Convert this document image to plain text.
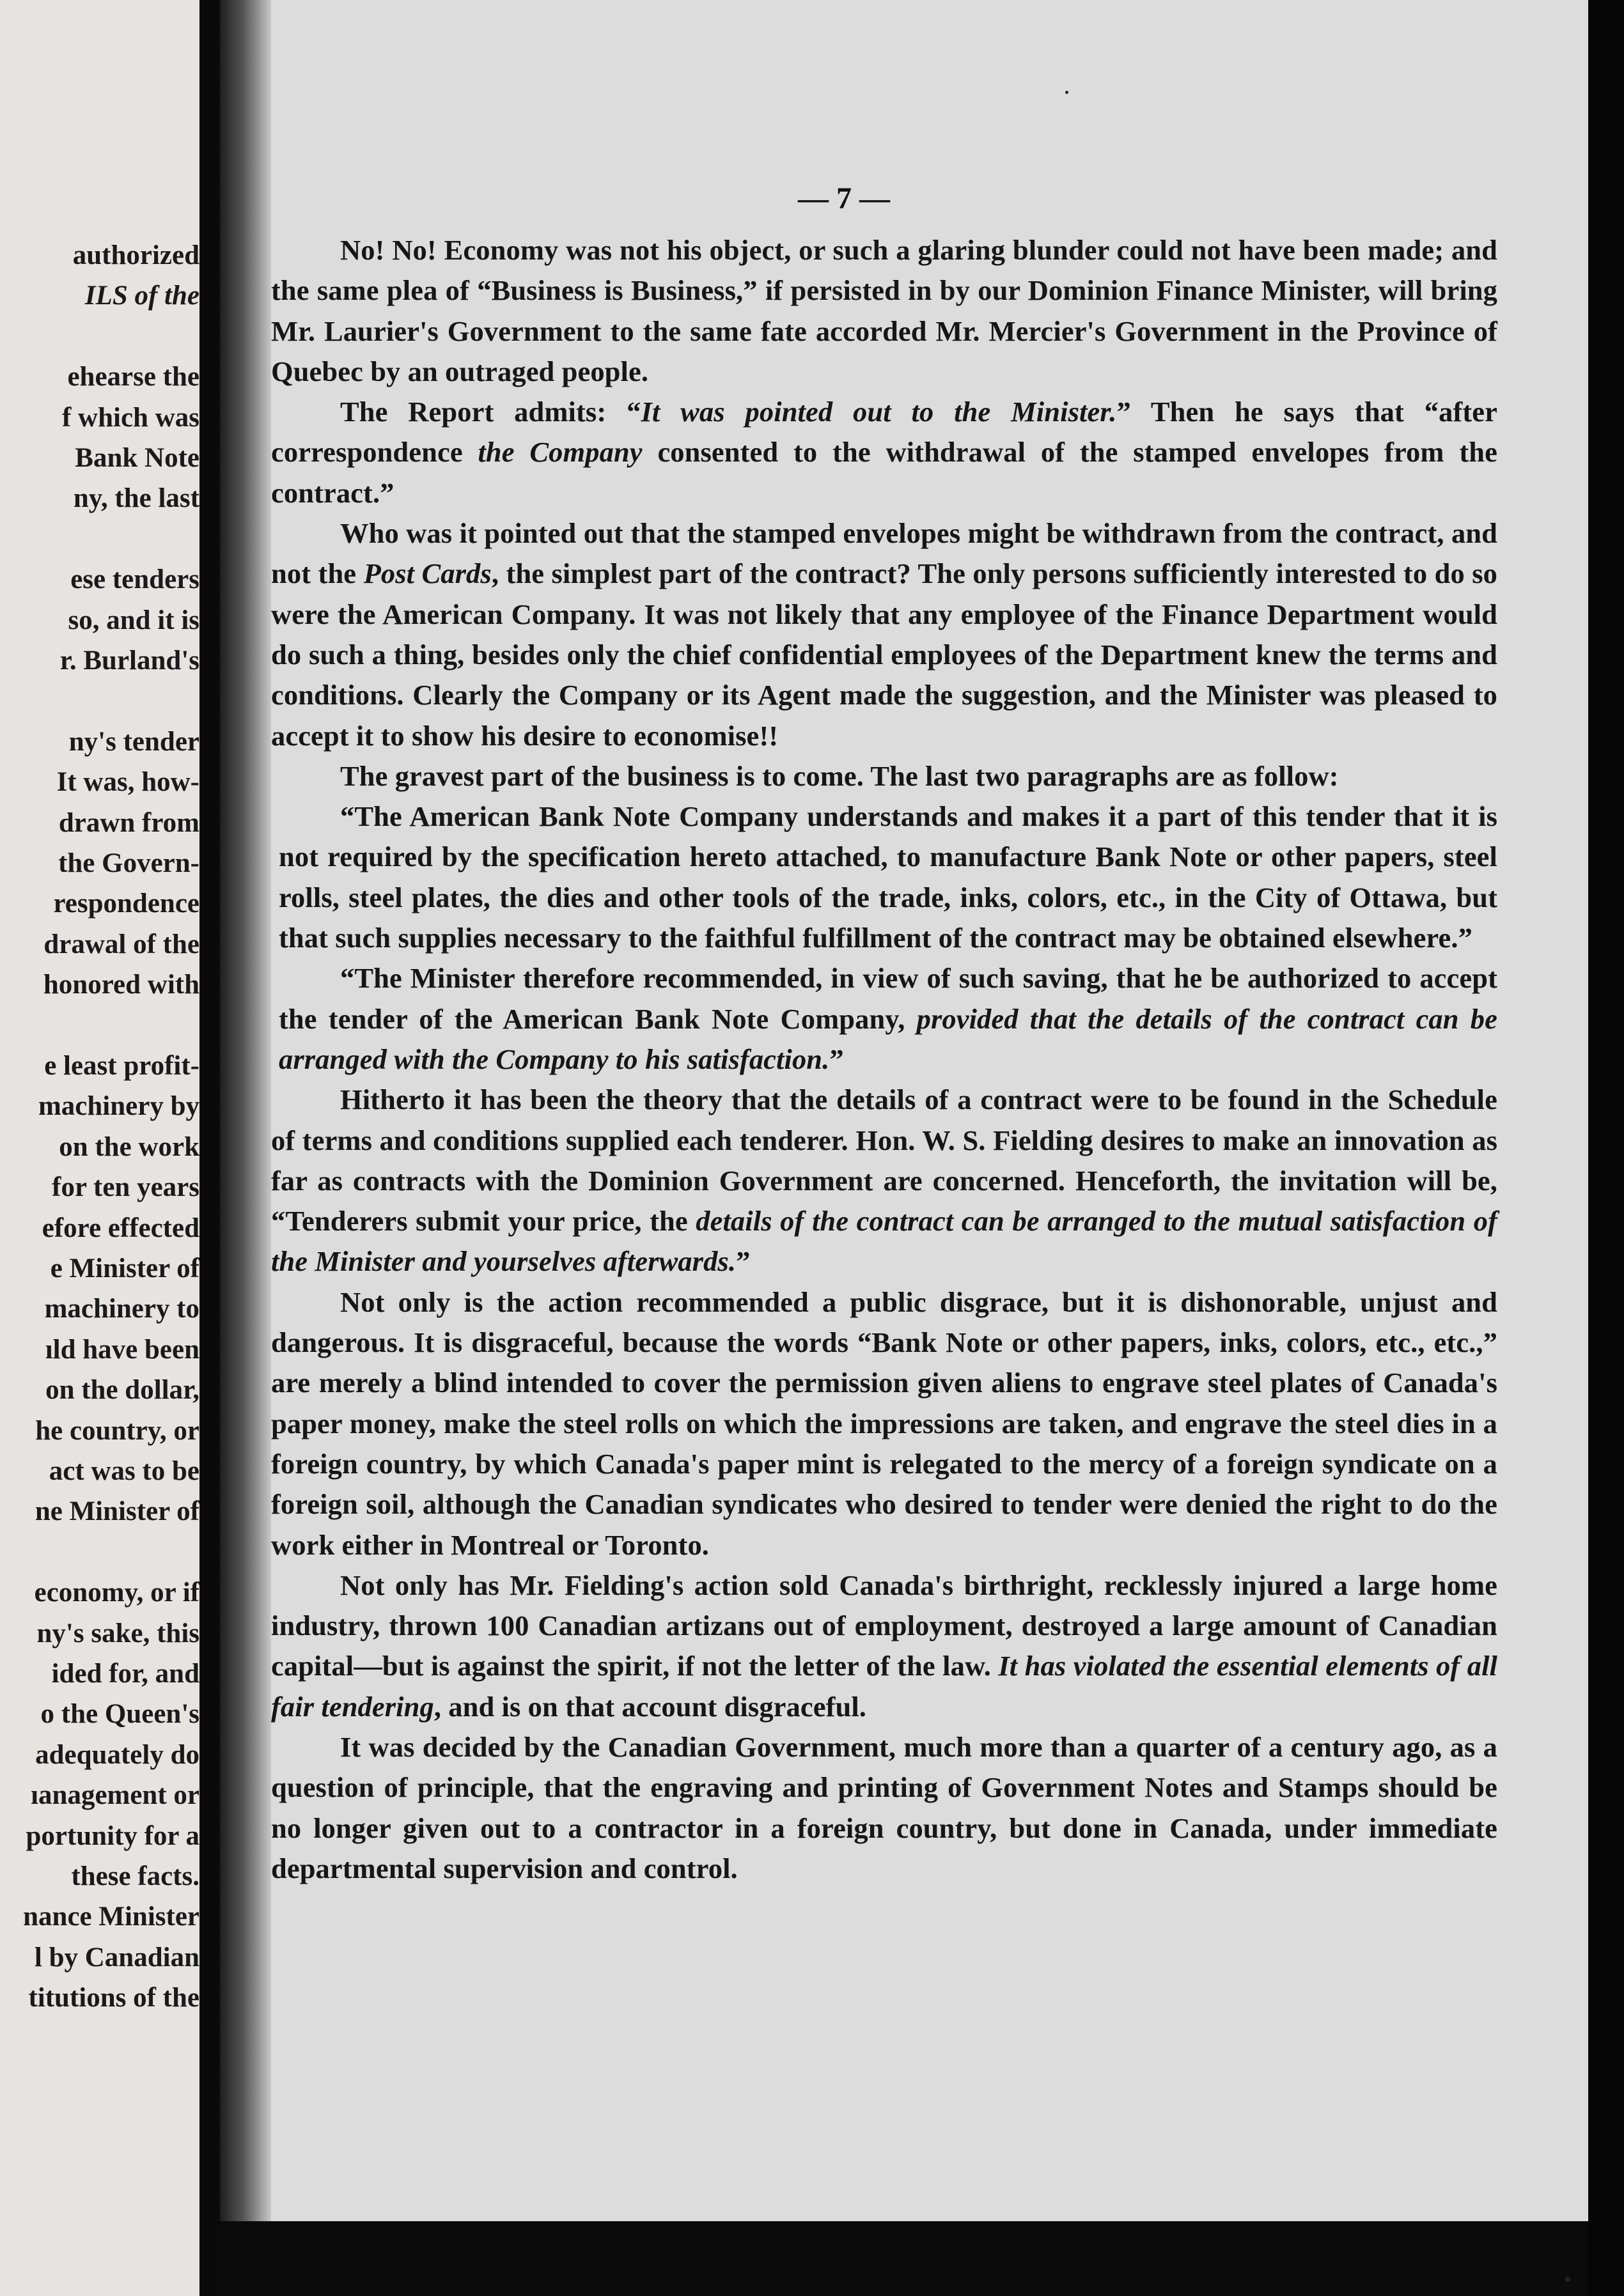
authorized
ILS of the
ehearse the
f which was
Bank Note
ny, the last
ese tenders
so, and it is
r. Burland's
ny's tender
It was, how-
drawn from
the Govern-
respondence
drawal of the
honored with
e least profit-
machinery by
on the work
for ten years
efore effected
e Minister of
machinery to
ıld have been
on the dollar,
he country, or
act was to be
ne Minister of
economy, or if
ny's sake, this
ided for, and
o the Queen's
adequately do
ıanagement or
portunity for a
these facts.
nance Minister
l by Canadian
titutions of the
— 7 —

No! No! Economy was not his object, or such a glaring blunder could not have been made; and the same plea of “Business is Business,” if persisted in by our Dominion Finance Minister, will bring Mr. Laurier's Government to the same fate accorded Mr. Mercier's Government in the Province of Quebec by an outraged people.

The Report admits: “It was pointed out to the Minister.” Then he says that “after correspondence the Company consented to the withdrawal of the stamped envelopes from the contract.”

Who was it pointed out that the stamped envelopes might be withdrawn from the contract, and not the Post Cards, the simplest part of the contract? The only persons sufficiently interested to do so were the American Company. It was not likely that any employee of the Finance Department would do such a thing, besides only the chief confidential employees of the Department knew the terms and conditions. Clearly the Company or its Agent made the suggestion, and the Minister was pleased to accept it to show his desire to economise!!

The gravest part of the business is to come. The last two paragraphs are as follow:

“The American Bank Note Company understands and makes it a part of this tender that it is not required by the specification hereto attached, to manufacture Bank Note or other papers, steel rolls, steel plates, the dies and other tools of the trade, inks, colors, etc., in the City of Ottawa, but that such supplies necessary to the faithful fulfillment of the contract may be obtained elsewhere.”

“The Minister therefore recommended, in view of such saving, that he be authorized to accept the tender of the American Bank Note Company, provided that the details of the contract can be arranged with the Company to his satisfaction.”

Hitherto it has been the theory that the details of a contract were to be found in the Schedule of terms and conditions supplied each tenderer. Hon. W. S. Fielding desires to make an innovation as far as contracts with the Dominion Government are concerned. Henceforth, the invitation will be, “Tenderers submit your price, the details of the contract can be arranged to the mutual satisfaction of the Minister and yourselves afterwards.”

Not only is the action recommended a public disgrace, but it is dishonorable, unjust and dangerous. It is disgraceful, because the words “Bank Note or other papers, inks, colors, etc., etc.,” are merely a blind intended to cover the permission given aliens to engrave steel plates of Canada's paper money, make the steel rolls on which the impressions are taken, and engrave the steel dies in a foreign country, by which Canada's paper mint is relegated to the mercy of a foreign syndicate on a foreign soil, although the Canadian syndicates who desired to tender were denied the right to do the work either in Montreal or Toronto.

Not only has Mr. Fielding's action sold Canada's birthright, recklessly injured a large home industry, thrown 100 Canadian artizans out of employment, destroyed a large amount of Canadian capital—but is against the spirit, if not the letter of the law. It has violated the essential elements of all fair tendering, and is on that account disgraceful.

It was decided by the Canadian Government, much more than a quarter of a century ago, as a question of principle, that the engraving and printing of Government Notes and Stamps should be no longer given out to a contractor in a foreign country, but done in Canada, under immediate departmental supervision and control.
